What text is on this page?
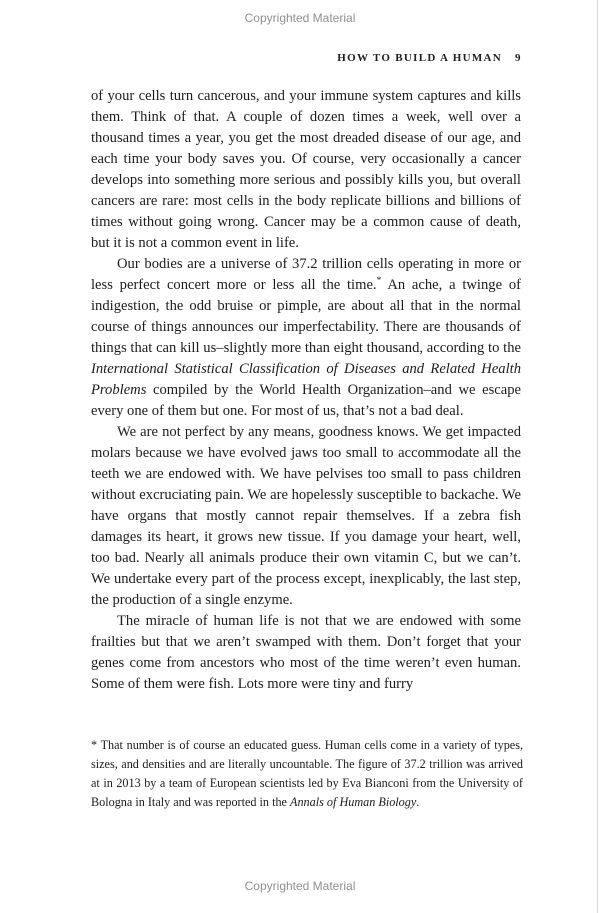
Copyrighted Material
HOW TO BUILD A HUMAN 9

of your cells turn cancerous, and your immune system captures and kills them. Think of that. A couple of dozen times a week, well over a thousand times a year, you get the most dreaded disease of our age, and each time your body saves you. Of course, very occasionally a cancer develops into something more serious and possibly kills you, but overall cancers are rare: most cells in the body replicate billions and billions of times without going wrong. Cancer may be a common cause of death, but it is not a common event in life.

Our bodies are a universe of 37.2 trillion cells operating in more or less perfect concert more or less all the time.* An ache, a twinge of indigestion, the odd bruise or pimple, are about all that in the normal course of things announces our imperfectability. There are thousands of things that can kill us–slightly more than eight thousand, according to the International Statistical Classification of Diseases and Related Health Problems compiled by the World Health Organization–and we escape every one of them but one. For most of us, that’s not a bad deal.

We are not perfect by any means, goodness knows. We get impacted molars because we have evolved jaws too small to accommodate all the teeth we are endowed with. We have pelvises too small to pass children without excruciating pain. We are hopelessly susceptible to backache. We have organs that mostly cannot repair themselves. If a zebra fish damages its heart, it grows new tissue. If you damage your heart, well, too bad. Nearly all animals produce their own vitamin C, but we can’t. We undertake every part of the process except, inexplicably, the last step, the production of a single enzyme.

The miracle of human life is not that we are endowed with some frailties but that we aren’t swamped with them. Don’t forget that your genes come from ancestors who most of the time weren’t even human. Some of them were fish. Lots more were tiny and furry

* That number is of course an educated guess. Human cells come in a variety of types, sizes, and densities and are literally uncountable. The figure of 37.2 trillion was arrived at in 2013 by a team of European scientists led by Eva Bianconi from the University of Bologna in Italy and was reported in the Annals of Human Biology.
Copyrighted Material
